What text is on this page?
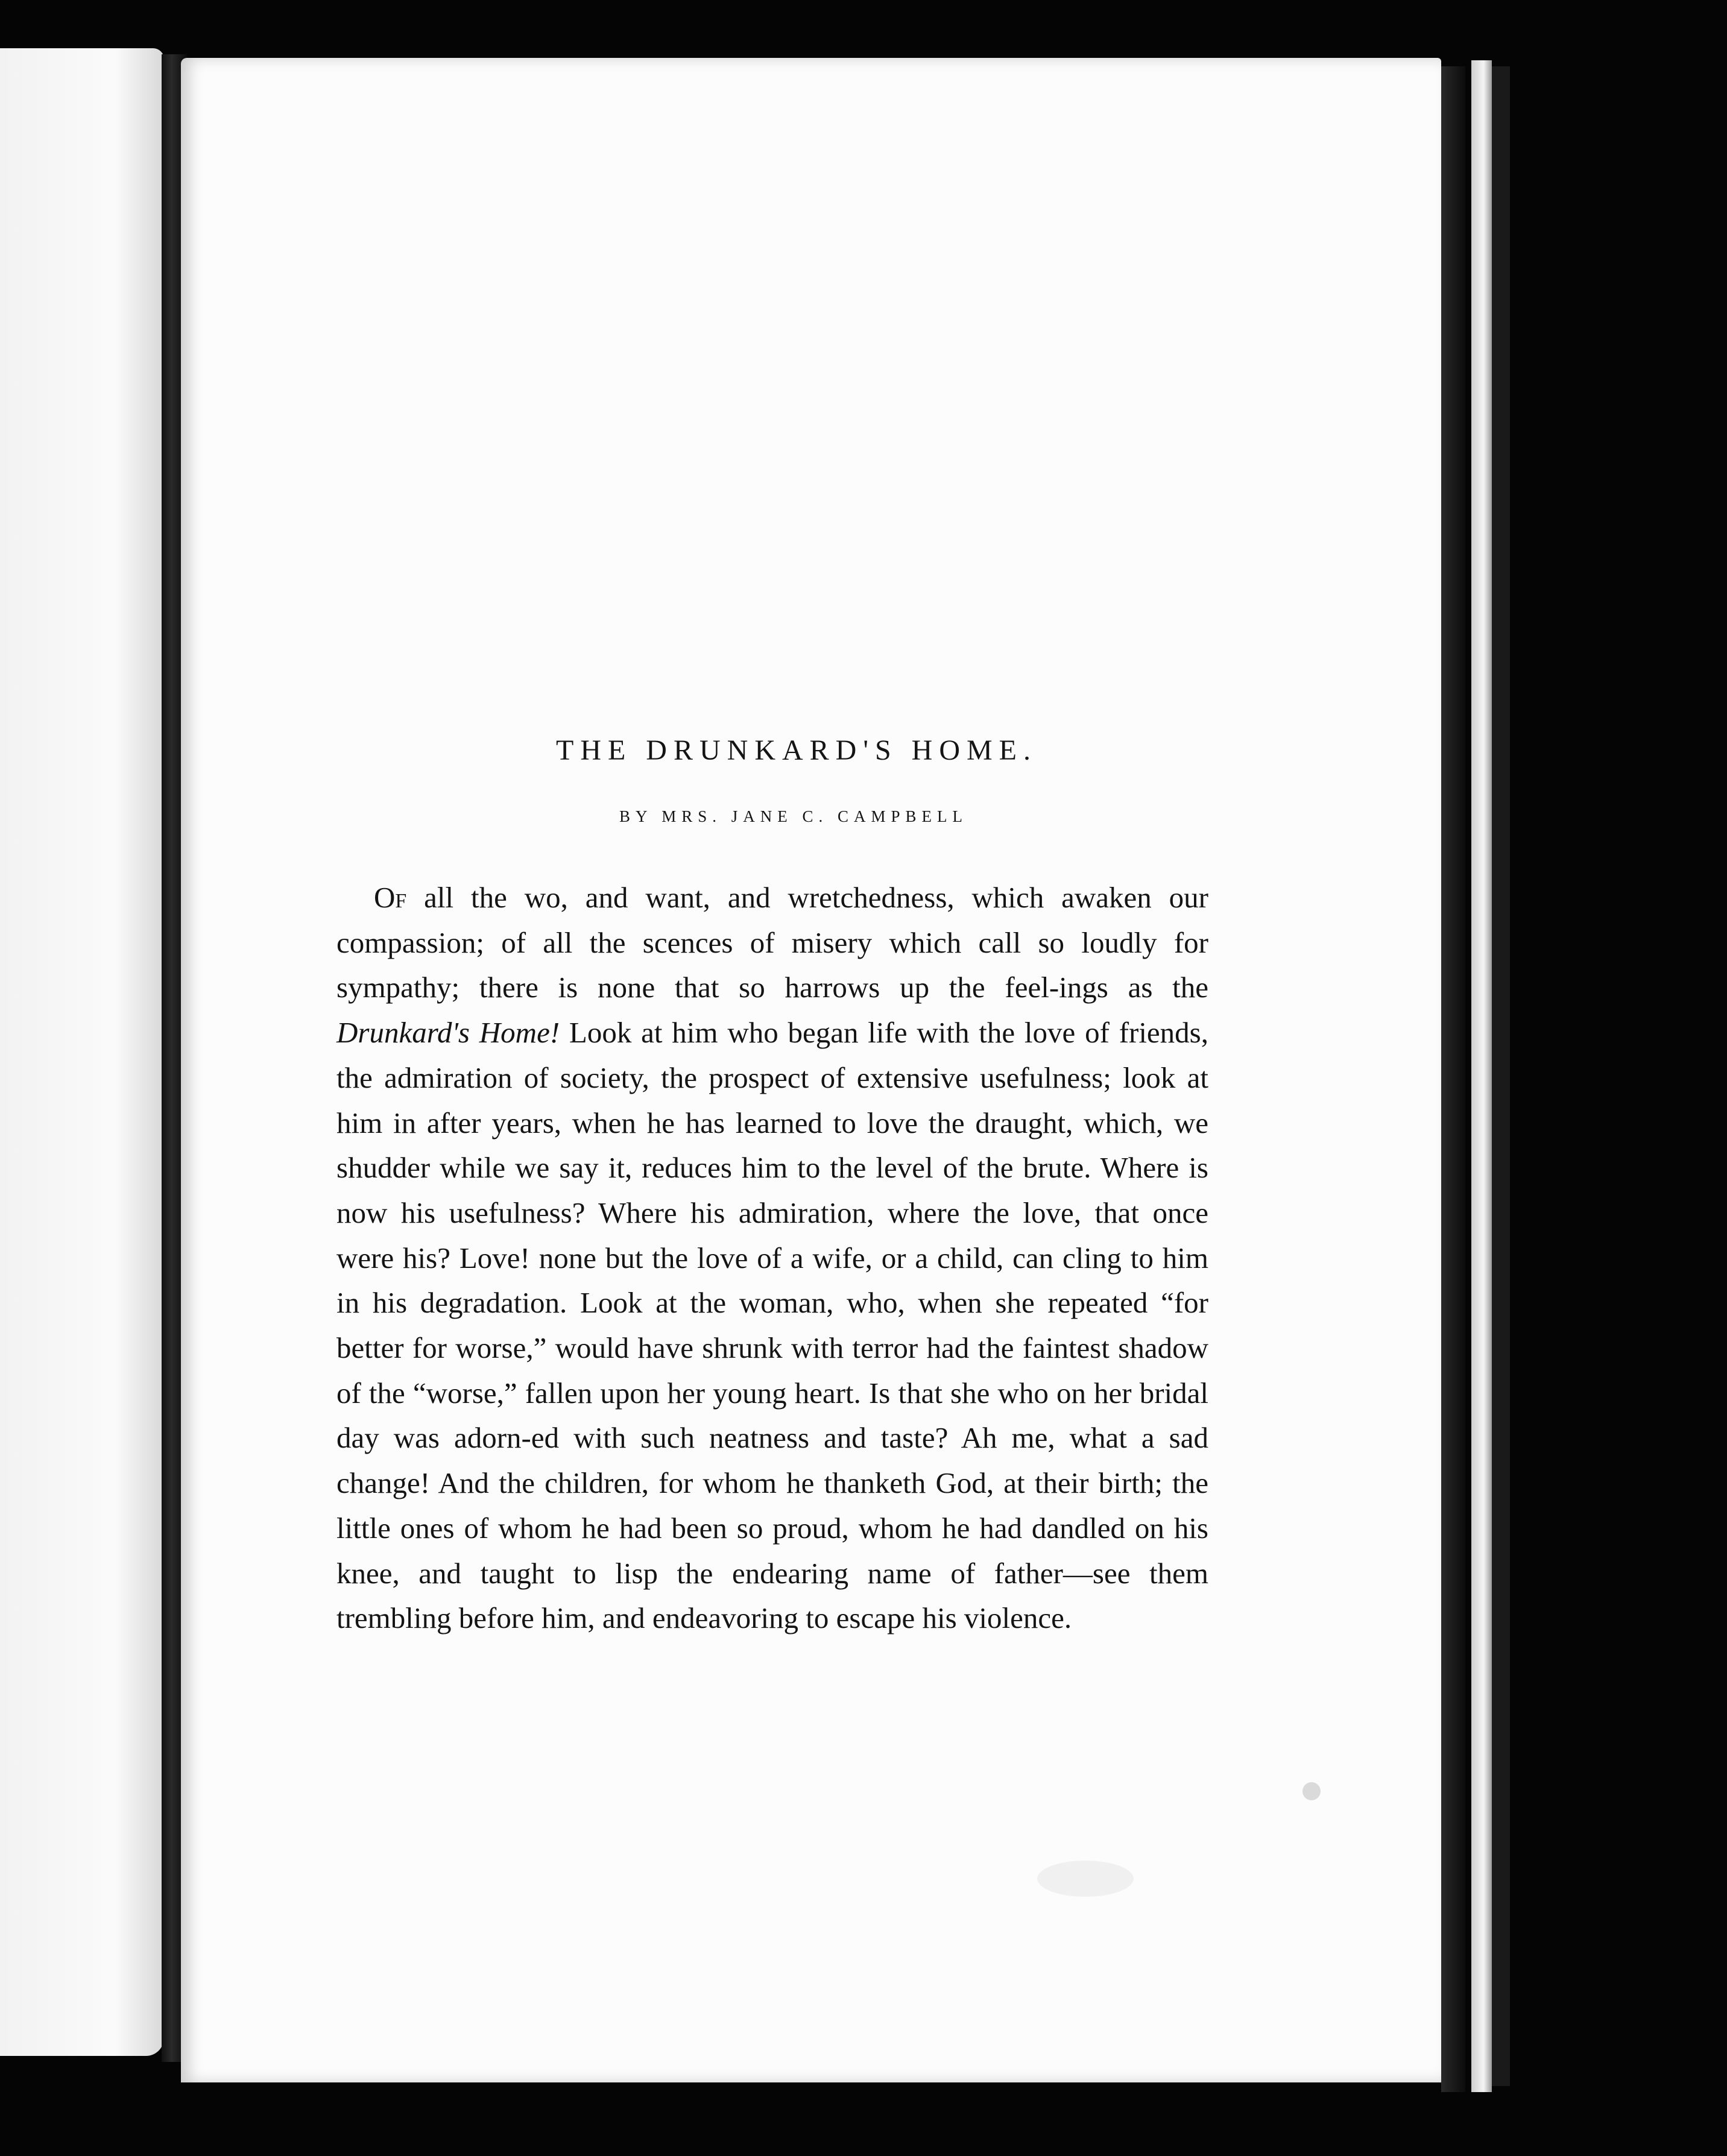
THE DRUNKARD'S HOME.

BY MRS. JANE C. CAMPBELL

Of all the wo, and want, and wretchedness, which awaken our compassion; of all the scences of misery which call so loudly for sympathy; there is none that so harrows up the feel-ings as the Drunkard's Home! Look at him who began life with the love of friends, the admiration of society, the prospect of extensive usefulness; look at him in after years, when he has learned to love the draught, which, we shudder while we say it, reduces him to the level of the brute. Where is now his usefulness? Where his admiration, where the love, that once were his? Love! none but the love of a wife, or a child, can cling to him in his degradation. Look at the woman, who, when she repeated “for better for worse,” would have shrunk with terror had the faintest shadow of the “worse,” fallen upon her young heart. Is that she who on her bridal day was adorn-ed with such neatness and taste? Ah me, what a sad change! And the children, for whom he thanketh God, at their birth; the little ones of whom he had been so proud, whom he had dandled on his knee, and taught to lisp the endearing name of father—see them trembling before him, and endeavoring to escape his violence.
